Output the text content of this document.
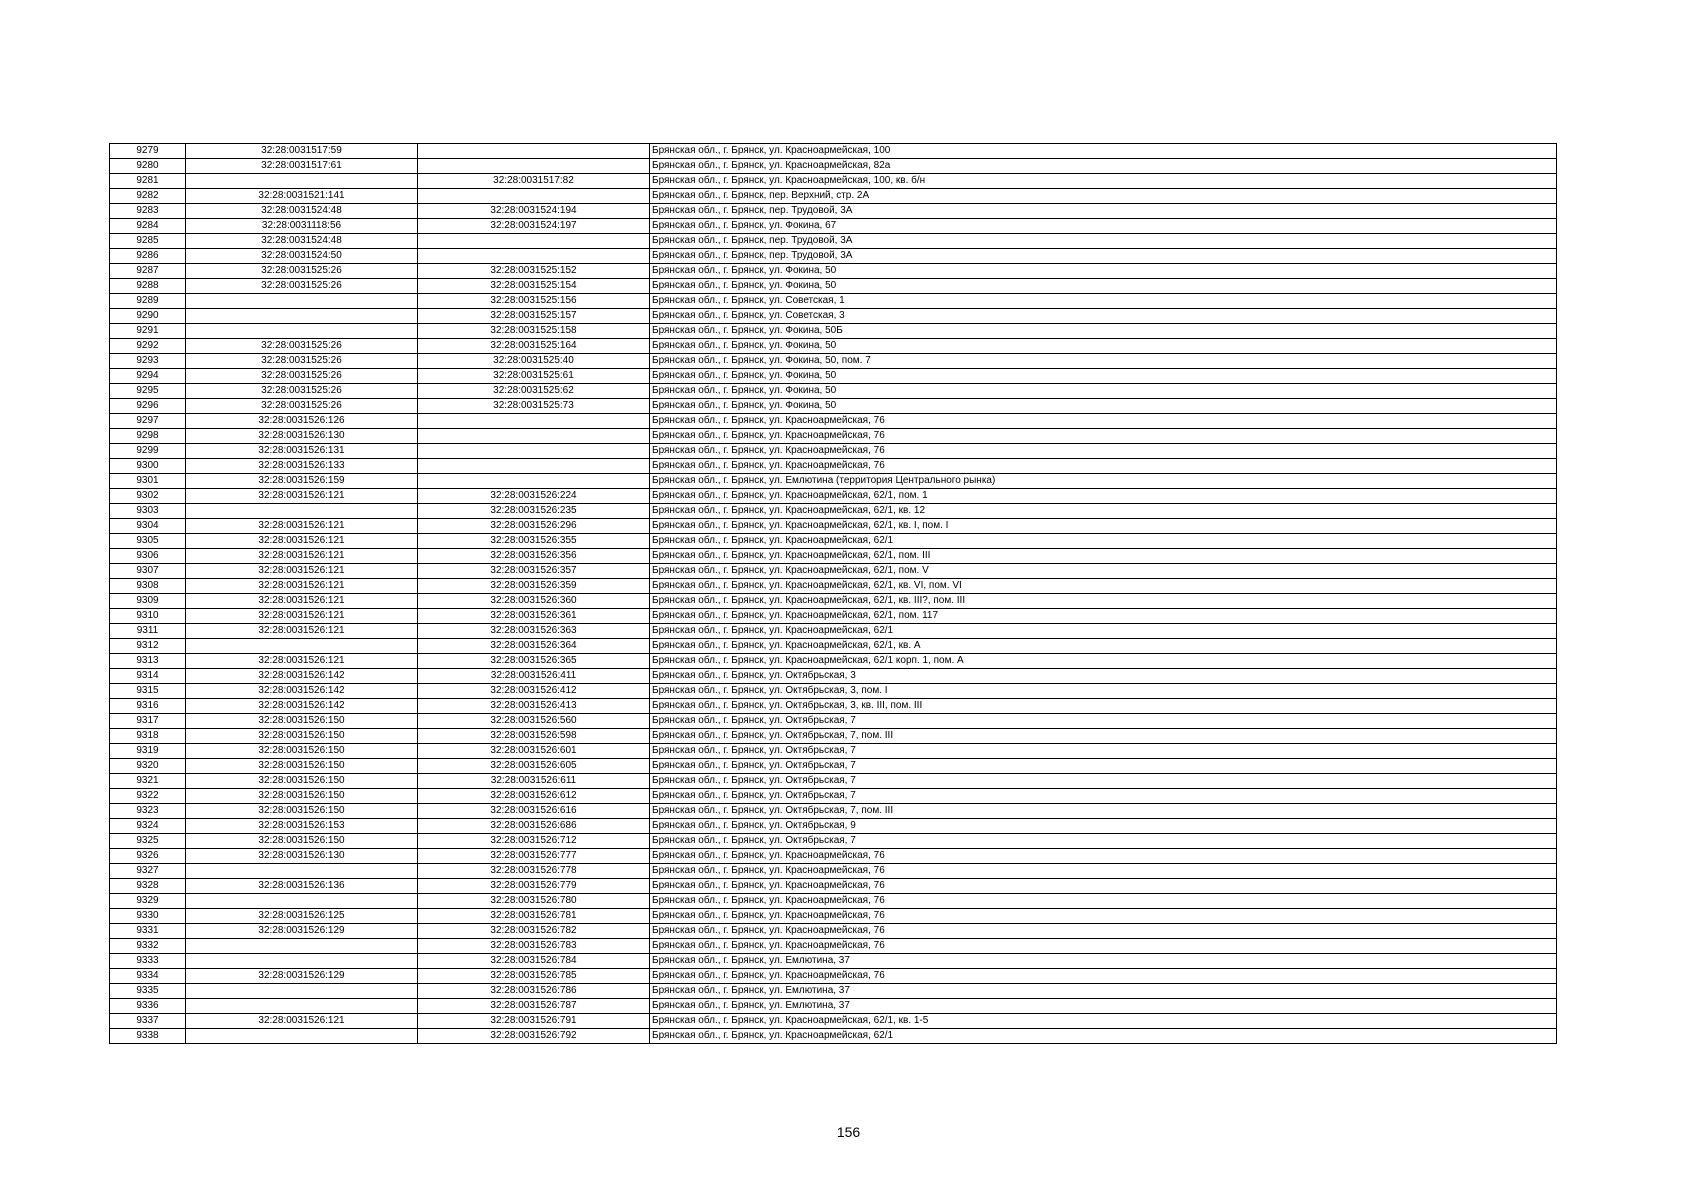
9279	32:28:0031517:59		Брянская обл., г. Брянск, ул. Красноармейская, 100
9280	32:28:0031517:61		Брянская обл., г. Брянск, ул. Красноармейская, 82а
9281		32:28:0031517:82	Брянская обл., г. Брянск, ул. Красноармейская, 100, кв. б/н
9282	32:28:0031521:141		Брянская обл., г. Брянск, пер. Верхний, стр. 2А
9283	32:28:0031524:48	32:28:0031524:194	Брянская обл., г. Брянск, пер. Трудовой, 3А
9284	32:28:0031118:56	32:28:0031524:197	Брянская обл., г. Брянск, ул. Фокина, 67
9285	32:28:0031524:48		Брянская обл., г. Брянск, пер. Трудовой, 3А
9286	32:28:0031524:50		Брянская обл., г. Брянск, пер. Трудовой, 3А
9287	32:28:0031525:26	32:28:0031525:152	Брянская обл., г. Брянск, ул. Фокина, 50
9288	32:28:0031525:26	32:28:0031525:154	Брянская обл., г. Брянск, ул. Фокина, 50
9289		32:28:0031525:156	Брянская обл., г. Брянск, ул. Советская, 1
9290		32:28:0031525:157	Брянская обл., г. Брянск, ул. Советская, 3
9291		32:28:0031525:158	Брянская обл., г. Брянск, ул. Фокина, 50Б
9292	32:28:0031525:26	32:28:0031525:164	Брянская обл., г. Брянск, ул. Фокина, 50
9293	32:28:0031525:26	32:28:0031525:40	Брянская обл., г. Брянск, ул. Фокина, 50, пом. 7
9294	32:28:0031525:26	32:28:0031525:61	Брянская обл., г. Брянск, ул. Фокина, 50
9295	32:28:0031525:26	32:28:0031525:62	Брянская обл., г. Брянск, ул. Фокина, 50
9296	32:28:0031525:26	32:28:0031525:73	Брянская обл., г. Брянск, ул. Фокина, 50
9297	32:28:0031526:126		Брянская обл., г. Брянск, ул. Красноармейская, 76
9298	32:28:0031526:130		Брянская обл., г. Брянск, ул. Красноармейская, 76
9299	32:28:0031526:131		Брянская обл., г. Брянск, ул. Красноармейская, 76
9300	32:28:0031526:133		Брянская обл., г. Брянск, ул. Красноармейская, 76
9301	32:28:0031526:159		Брянская обл., г. Брянск, ул. Емлютина (территория Центрального рынка)
9302	32:28:0031526:121	32:28:0031526:224	Брянская обл., г. Брянск, ул. Красноармейская, 62/1, пом. 1
9303		32:28:0031526:235	Брянская обл., г. Брянск, ул. Красноармейская, 62/1, кв. 12
9304	32:28:0031526:121	32:28:0031526:296	Брянская обл., г. Брянск, ул. Красноармейская, 62/1, кв. I, пом. I
9305	32:28:0031526:121	32:28:0031526:355	Брянская обл., г. Брянск, ул. Красноармейская, 62/1
9306	32:28:0031526:121	32:28:0031526:356	Брянская обл., г. Брянск, ул. Красноармейская, 62/1, пом. III
9307	32:28:0031526:121	32:28:0031526:357	Брянская обл., г. Брянск, ул. Красноармейская, 62/1, пом. V
9308	32:28:0031526:121	32:28:0031526:359	Брянская обл., г. Брянск, ул. Красноармейская, 62/1, кв. VI, пом. VI
9309	32:28:0031526:121	32:28:0031526:360	Брянская обл., г. Брянск, ул. Красноармейская, 62/1, кв. III?, пом. III
9310	32:28:0031526:121	32:28:0031526:361	Брянская обл., г. Брянск, ул. Красноармейская, 62/1, пом. 117
9311	32:28:0031526:121	32:28:0031526:363	Брянская обл., г. Брянск, ул. Красноармейская, 62/1
9312		32:28:0031526:364	Брянская обл., г. Брянск, ул. Красноармейская, 62/1, кв. А
9313	32:28:0031526:121	32:28:0031526:365	Брянская обл., г. Брянск, ул. Красноармейская, 62/1 корп. 1, пом. А
9314	32:28:0031526:142	32:28:0031526:411	Брянская обл., г. Брянск, ул. Октябрьская, 3
9315	32:28:0031526:142	32:28:0031526:412	Брянская обл., г. Брянск, ул. Октябрьская, 3, пом. I
9316	32:28:0031526:142	32:28:0031526:413	Брянская обл., г. Брянск, ул. Октябрьская, 3, кв. III, пом. III
9317	32:28:0031526:150	32:28:0031526:560	Брянская обл., г. Брянск, ул. Октябрьская, 7
9318	32:28:0031526:150	32:28:0031526:598	Брянская обл., г. Брянск, ул. Октябрьская, 7, пом. III
9319	32:28:0031526:150	32:28:0031526:601	Брянская обл., г. Брянск, ул. Октябрьская, 7
9320	32:28:0031526:150	32:28:0031526:605	Брянская обл., г. Брянск, ул. Октябрьская, 7
9321	32:28:0031526:150	32:28:0031526:611	Брянская обл., г. Брянск, ул. Октябрьская, 7
9322	32:28:0031526:150	32:28:0031526:612	Брянская обл., г. Брянск, ул. Октябрьская, 7
9323	32:28:0031526:150	32:28:0031526:616	Брянская обл., г. Брянск, ул. Октябрьская, 7, пом. III
9324	32:28:0031526:153	32:28:0031526:686	Брянская обл., г. Брянск, ул. Октябрьская, 9
9325	32:28:0031526:150	32:28:0031526:712	Брянская обл., г. Брянск, ул. Октябрьская, 7
9326	32:28:0031526:130	32:28:0031526:777	Брянская обл., г. Брянск, ул. Красноармейская, 76
9327		32:28:0031526:778	Брянская обл., г. Брянск, ул. Красноармейская, 76
9328	32:28:0031526:136	32:28:0031526:779	Брянская обл., г. Брянск, ул. Красноармейская, 76
9329		32:28:0031526:780	Брянская обл., г. Брянск, ул. Красноармейская, 76
9330	32:28:0031526:125	32:28:0031526:781	Брянская обл., г. Брянск, ул. Красноармейская, 76
9331	32:28:0031526:129	32:28:0031526:782	Брянская обл., г. Брянск, ул. Красноармейская, 76
9332		32:28:0031526:783	Брянская обл., г. Брянск, ул. Красноармейская, 76
9333		32:28:0031526:784	Брянская обл., г. Брянск, ул. Емлютина, 37
9334	32:28:0031526:129	32:28:0031526:785	Брянская обл., г. Брянск, ул. Красноармейская, 76
9335		32:28:0031526:786	Брянская обл., г. Брянск, ул. Емлютина, 37
9336		32:28:0031526:787	Брянская обл., г. Брянск, ул. Емлютина, 37
9337	32:28:0031526:121	32:28:0031526:791	Брянская обл., г. Брянск, ул. Красноармейская, 62/1, кв. 1-5
9338		32:28:0031526:792	Брянская обл., г. Брянск, ул. Красноармейская, 62/1
156
